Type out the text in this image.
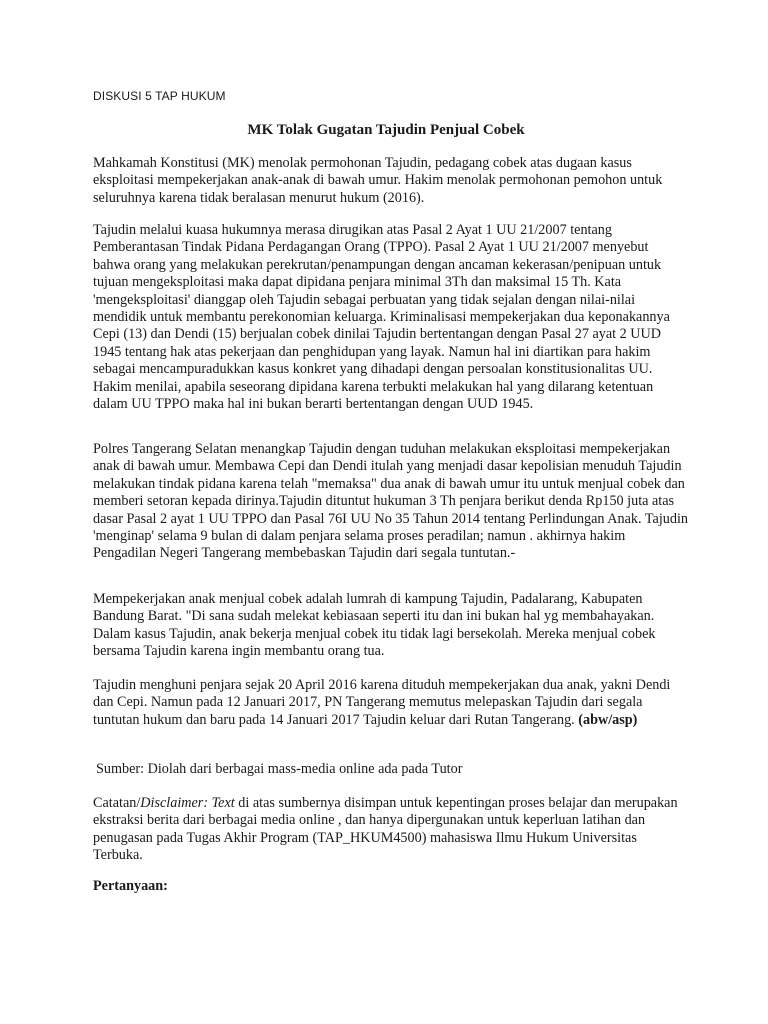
DISKUSI 5 TAP HUKUM
MK Tolak Gugatan Tajudin Penjual Cobek

Mahkamah Konstitusi (MK) menolak permohonan Tajudin, pedagang cobek atas dugaan kasus eksploitasi mempekerjakan anak-anak di bawah umur. Hakim menolak permohonan pemohon untuk seluruhnya karena tidak beralasan menurut hukum (2016).

Tajudin melalui kuasa hukumnya merasa dirugikan atas Pasal 2 Ayat 1 UU 21/2007 tentang Pemberantasan Tindak Pidana Perdagangan Orang (TPPO). Pasal 2 Ayat 1 UU 21/2007 menyebut bahwa orang yang melakukan perekrutan/penampungan dengan ancaman kekerasan/penipuan untuk tujuan mengeksploitasi maka dapat dipidana penjara minimal 3Th dan maksimal 15 Th. Kata 'mengeksploitasi' dianggap oleh Tajudin sebagai perbuatan yang tidak sejalan dengan nilai-nilai mendidik untuk membantu perekonomian keluarga. Kriminalisasi mempekerjakan dua keponakannya Cepi (13) dan Dendi (15) berjualan cobek dinilai Tajudin bertentangan dengan Pasal 27 ayat 2 UUD 1945 tentang hak atas pekerjaan dan penghidupan yang layak. Namun hal ini diartikan para hakim sebagai mencampuradukkan kasus konkret yang dihadapi dengan persoalan konstitusionalitas UU. Hakim menilai, apabila seseorang dipidana karena terbukti melakukan hal yang dilarang ketentuan dalam UU TPPO maka hal ini bukan berarti bertentangan dengan UUD 1945.

Polres Tangerang Selatan menangkap Tajudin dengan tuduhan melakukan eksploitasi mempekerjakan anak di bawah umur. Membawa Cepi dan Dendi itulah yang menjadi dasar kepolisian menuduh Tajudin melakukan tindak pidana karena telah "memaksa" dua anak di bawah umur itu untuk menjual cobek dan memberi setoran kepada dirinya.Tajudin dituntut hukuman 3 Th penjara berikut denda Rp150 juta atas dasar Pasal 2 ayat 1 UU TPPO dan Pasal 76I UU No 35 Tahun 2014 tentang Perlindungan Anak. Tajudin 'menginap' selama 9 bulan di dalam penjara selama proses peradilan; namun . akhirnya hakim Pengadilan Negeri Tangerang membebaskan Tajudin dari segala tuntutan.-

Mempekerjakan anak menjual cobek adalah lumrah di kampung Tajudin, Padalarang, Kabupaten Bandung Barat. "Di sana sudah melekat kebiasaan seperti itu dan ini bukan hal yg membahayakan. Dalam kasus Tajudin, anak bekerja menjual cobek itu tidak lagi bersekolah. Mereka menjual cobek bersama Tajudin karena ingin membantu orang tua.

Tajudin menghuni penjara sejak 20 April 2016 karena dituduh mempekerjakan dua anak, yakni Dendi dan Cepi. Namun pada 12 Januari 2017, PN Tangerang memutus melepaskan Tajudin dari segala tuntutan hukum dan baru pada 14 Januari 2017 Tajudin keluar dari Rutan Tangerang. (abw/asp)

Sumber: Diolah dari berbagai mass-media online ada pada Tutor

Catatan/Disclaimer: Text di atas sumbernya disimpan untuk kepentingan proses belajar dan merupakan ekstraksi berita dari berbagai media online , dan hanya dipergunakan untuk keperluan latihan dan penugasan pada Tugas Akhir Program (TAP_HKUM4500) mahasiswa Ilmu Hukum Universitas Terbuka.

Pertanyaan:
